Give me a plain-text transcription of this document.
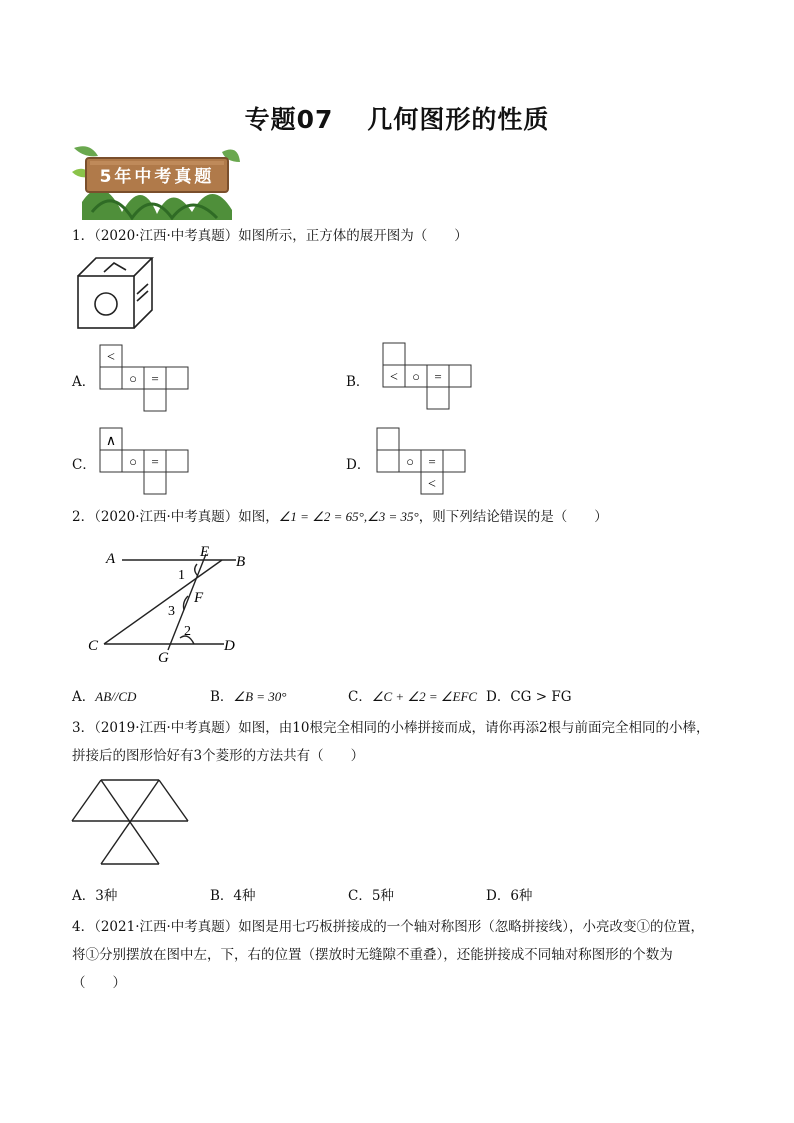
专题07 几何图形的性质
5年中考真题
1．（2020·江西·中考真题）如图所示，正方体的展开图为（　　）
A．
<
○ =	B． < ○ =
C．
∧
○ =	D．	○ =
<
2．（2020·江西·中考真题）如图，∠1 = ∠2 = 65°,∠3 = 35°，则下列结论错误的是（　　）
A	E
B
1
F
3
2
C
G
D
A．AB//CD	B．∠B = 30°	C．∠C + ∠2 = ∠EFC D．CG > FG
3．（2019·江西·中考真题）如图，由10根完全相同的小棒拼接而成，请你再添2根与前面完全相同的小棒，
拼接后的图形恰好有3个菱形的方法共有（　　）
A．3种	B．4种	C．5种	D．6种
4．（2021·江西·中考真题）如图是用七巧板拼接成的一个轴对称图形（忽略拼接线），小亮改变①的位置，
将①分别摆放在图中左，下，右的位置（摆放时无缝隙不重叠），还能拼接成不同轴对称图形的个数为
（　　）
